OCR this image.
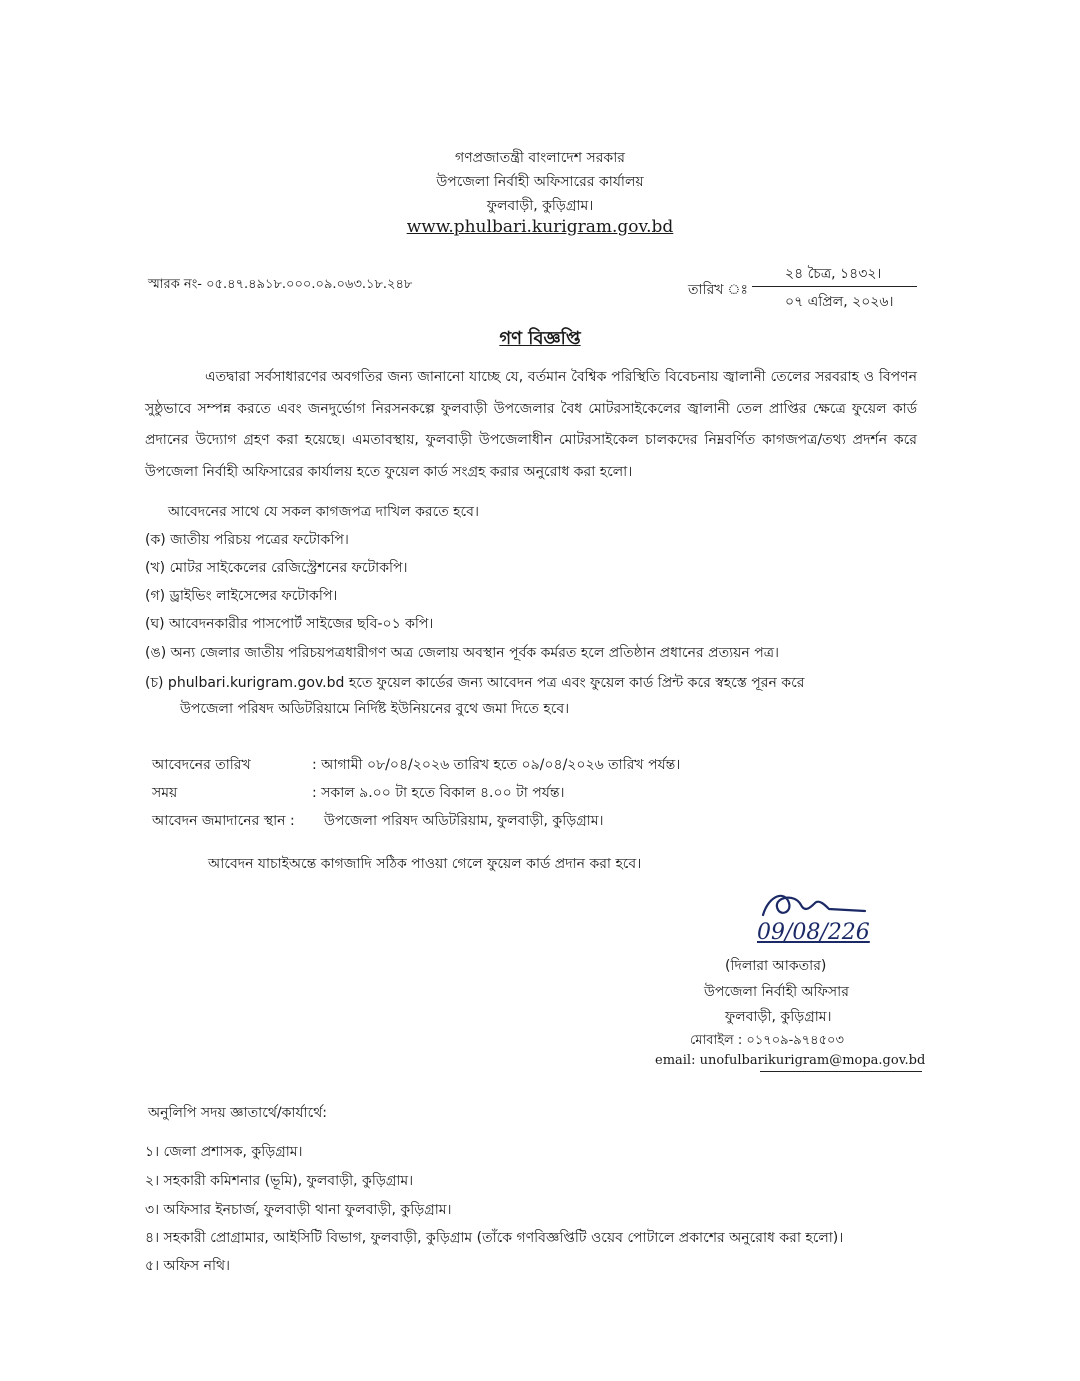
গণপ্রজাতন্ত্রী বাংলাদেশ সরকার
উপজেলা নির্বাহী অফিসারের কার্যালয়
ফুলবাড়ী, কুড়িগ্রাম।
www.phulbari.kurigram.gov.bd
স্মারক নং- ০৫.৪৭.৪৯১৮.০০০.০৯.০৬৩.১৮.২৪৮	তারিখ ঃ
২৪ চৈত্র, ১৪৩২।
০৭ এপ্রিল, ২০২৬।
গণ বিজ্ঞপ্তি
এতদ্বারা সর্বসাধারণের অবগতির জন্য জানানো যাচ্ছে যে, বর্তমান বৈশ্বিক পরিস্থিতি বিবেচনায় জ্বালানী তেলের সরবরাহ ও বিপণন সুষ্ঠুভাবে সম্পন্ন করতে এবং জনদুর্ভোগ নিরসনকল্পে ফুলবাড়ী উপজেলার বৈধ মোটরসাইকেলের জ্বালানী তেল প্রাপ্তির ক্ষেত্রে ফুয়েল কার্ড প্রদানের উদ্যোগ গ্রহণ করা হয়েছে। এমতাবস্থায়, ফুলবাড়ী উপজেলাধীন মোটরসাইকেল চালকদের নিম্নবর্ণিত কাগজপত্র/তথ্য প্রদর্শন করে উপজেলা নির্বাহী অফিসারের কার্যালয় হতে ফুয়েল কার্ড সংগ্রহ করার অনুরোধ করা হলো।
আবেদনের সাথে যে সকল কাগজপত্র দাখিল করতে হবে।
(ক) জাতীয় পরিচয় পত্রের ফটোকপি।
(খ) মোটর সাইকেলের রেজিস্ট্রেশনের ফটোকপি।
(গ) ড্রাইভিং লাইসেন্সের ফটোকপি।
(ঘ) আবেদনকারীর পাসপোর্ট সাইজের ছবি-০১ কপি।
(ঙ) অন্য জেলার জাতীয় পরিচয়পত্রধারীগণ অত্র জেলায় অবস্থান পূর্বক কর্মরত হলে প্রতিষ্ঠান প্রধানের প্রত্যয়ন পত্র।
(চ) phulbari.kurigram.gov.bd হতে ফুয়েল কার্ডের জন্য আবেদন পত্র এবং ফুয়েল কার্ড প্রিন্ট করে স্বহস্তে পূরন করে
উপজেলা পরিষদ অডিটরিয়ামে নির্দিষ্ট ইউনিয়নের বুথে জমা দিতে হবে।
আবেদনের তারিখ	: আগামী ০৮/০৪/২০২৬ তারিখ হতে ০৯/০৪/২০২৬ তারিখ পর্যন্ত।
সময়	: সকাল ৯.০০ টা হতে বিকাল ৪.০০ টা পর্যন্ত।
আবেদন জমাদানের স্থান : উপজেলা পরিষদ অডিটরিয়াম, ফুলবাড়ী, কুড়িগ্রাম।
আবেদন যাচাইঅন্তে কাগজাদি সঠিক পাওয়া গেলে ফুয়েল কার্ড প্রদান করা হবে।
09/08/226
(দিলারা আকতার)
উপজেলা নির্বাহী অফিসার
ফুলবাড়ী, কুড়িগ্রাম।
মোবাইল : ০১৭০৯-৯৭৪৫০৩
email: unofulbarikurigram@mopa.gov.bd
অনুলিপি সদয় জ্ঞাতার্থে/কার্যার্থে:
১। জেলা প্রশাসক, কুড়িগ্রাম।
২। সহকারী কমিশনার (ভূমি), ফুলবাড়ী, কুড়িগ্রাম।
৩। অফিসার ইনচার্জ, ফুলবাড়ী থানা ফুলবাড়ী, কুড়িগ্রাম।
৪। সহকারী প্রোগ্রামার, আইসিটি বিভাগ, ফুলবাড়ী, কুড়িগ্রাম (তাঁকে গণবিজ্ঞপ্তিটি ওয়েব পোটালে প্রকাশের অনুরোধ করা হলো)।
৫। অফিস নথি।
